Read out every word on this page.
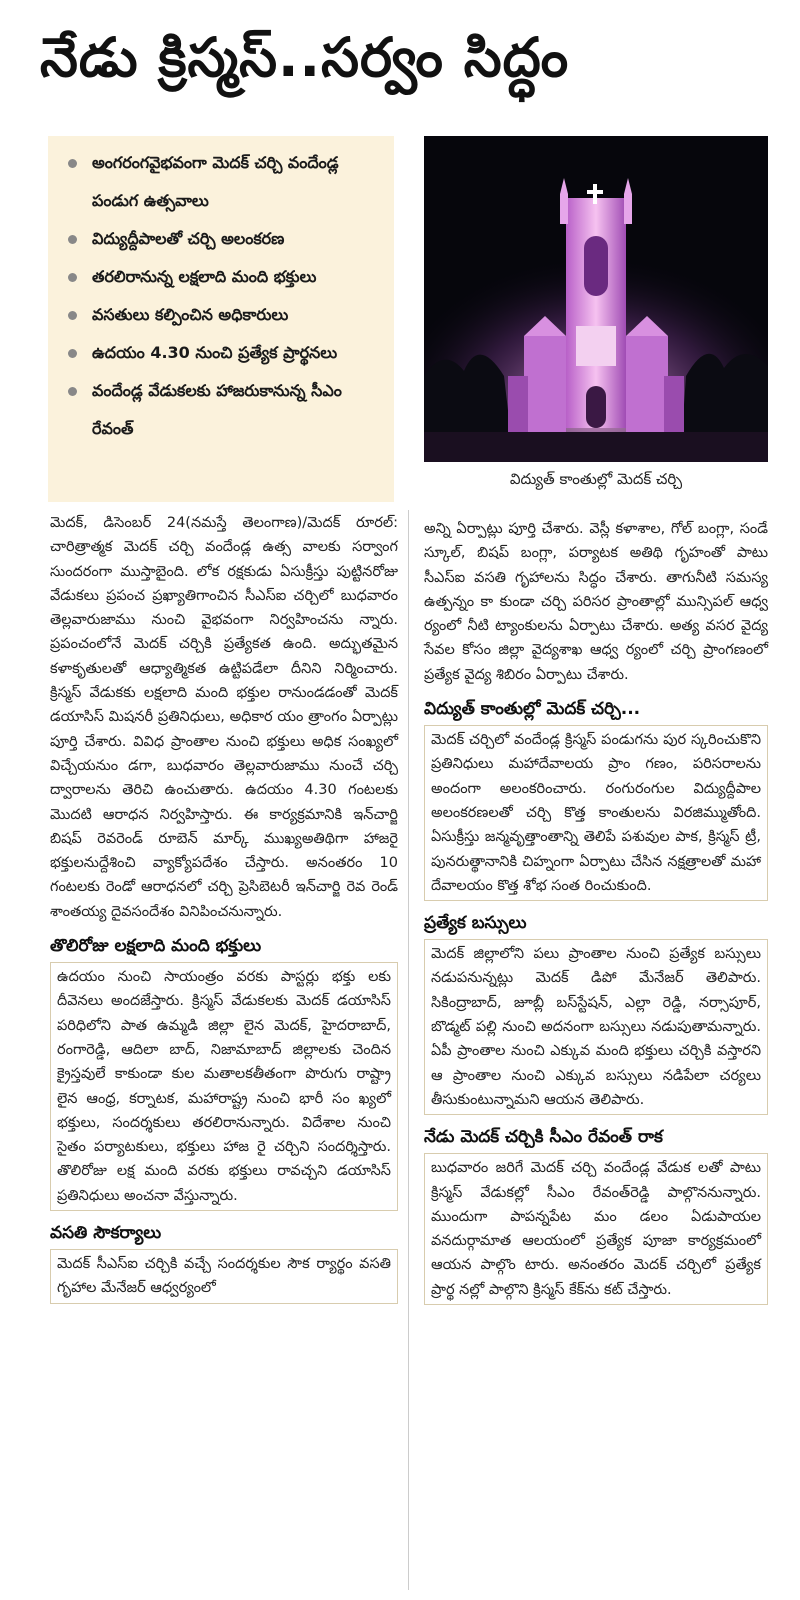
నేడు క్రిస్మస్..సర్వం సిద్ధం
అంగరంగవైభవంగా మెదక్ చర్చి వందేండ్ల పండుగ ఉత్సవాలు
విద్యుద్దీపాలతో చర్చి అలంకరణ
తరలిరానున్న లక్షలాది మంది భక్తులు
వసతులు కల్పించిన అధికారులు
ఉదయం 4.30 నుంచి ప్రత్యేక ప్రార్థనలు
వందేండ్ల వేడుకలకు హాజరుకానున్న సీఎం రేవంత్
విద్యుత్ కాంతుల్లో మెదక్ చర్చి

మెదక్, డిసెంబర్ 24(నమస్తే తెలంగాణ)/మెదక్ రూరల్: చారిత్రాత్మక మెదక్ చర్చి వందేండ్ల ఉత్స వాలకు సర్వాంగ సుందరంగా ముస్తాబైంది. లోక రక్షకుడు ఏసుక్రీస్తు పుట్టినరోజు వేడుకలు ప్రపంచ ప్రఖ్యాతిగాంచిన సీఎస్ఐ చర్చిలో బుధవారం తెల్లవారుజాము నుంచి వైభవంగా నిర్వహించను న్నారు. ప్రపంచంలోనే మెదక్ చర్చికి ప్రత్యేకత ఉంది. అద్భుతమైన కళాకృతులతో ఆధ్యాత్మికత ఉట్టిపడేలా దీనిని నిర్మించారు. క్రిస్మస్ వేడుకకు లక్షలాది మంది భక్తుల రానుండడంతో మెదక్ డయాసిస్ మిషనరీ ప్రతినిధులు, అధికార యం త్రాంగం ఏర్పాట్లు పూర్తి చేశారు. వివిధ ప్రాంతాల నుంచి భక్తులు అధిక సంఖ్యలో విచ్చేయనుం డగా, బుధవారం తెల్లవారుజాము నుంచే చర్చి ద్వారాలను తెరిచి ఉంచుతారు. ఉదయం 4.30 గంటలకు మొదటి ఆరాధన నిర్వహిస్తారు. ఈ కార్యక్రమానికి ఇన్‌చార్జి బిషప్ రెవరెండ్ రూబెన్ మార్క్ ముఖ్యఅతిథిగా హాజరై భక్తులనుద్దేశించి వ్యాక్యోపదేశం చేస్తారు. అనంతరం 10 గంటలకు రెండో ఆరాధనలో చర్చి ప్రెసిబెటరీ ఇన్‌చార్జి రెవ రెండ్ శాంతయ్య దైవసందేశం వినిపించనున్నారు.

తొలిరోజు లక్షలాది మంది భక్తులు

ఉదయం నుంచి సాయంత్రం వరకు పాస్టర్లు భక్తు లకు దీవెనలు అందజేస్తారు. క్రిస్మస్ వేడుకలకు మెదక్ డయాసిస్ పరిధిలోని పాత ఉమ్మడి జిల్లా లైన మెదక్, హైదరాబాద్, రంగారెడ్డి, ఆదిలా బాద్, నిజామాబాద్ జిల్లాలకు చెందిన క్రైస్తవులే కాకుండా కుల మతాలకతీతంగా పొరుగు రాష్ట్రా లైన ఆంధ్ర, కర్నాటక, మహారాష్ట్ర నుంచి భారీ సం ఖ్యలో భక్తులు, సందర్శకులు తరలిరానున్నారు. విదేశాల నుంచి సైతం పర్యాటకులు, భక్తులు హాజ రై చర్చిని సందర్శిస్తారు. తొలిరోజు లక్ష మంది వరకు భక్తులు రావచ్చని డయాసిస్ ప్రతినిధులు అంచనా వేస్తున్నారు.

వసతి సౌకర్యాలు

మెదక్ సీఎస్ఐ చర్చికి వచ్చే సందర్శకుల సౌక ర్యార్థం వసతి గృహాల మేనేజర్ ఆధ్వర్యంలో

అన్ని ఏర్పాట్లు పూర్తి చేశారు. వెస్లీ కళాశాల, గోల్ బంగ్లా, సండే స్కూల్, బిషప్ బంగ్లా, పర్యాటక అతిథి గృహంతో పాటు సీఎస్ఐ వసతి గృహాలను సిద్ధం చేశారు. తాగునీటి సమస్య ఉత్పన్నం కా కుండా చర్చి పరిసర ప్రాంతాల్లో మున్సిపల్ ఆధ్వ ర్యంలో నీటి ట్యాంకులను ఏర్పాటు చేశారు. అత్య వసర వైద్య సేవల కోసం జిల్లా వైద్యశాఖ ఆధ్వ ర్యంలో చర్చి ప్రాంగణంలో ప్రత్యేక వైద్య శిబిరం ఏర్పాటు చేశారు.

విద్యుత్ కాంతుల్లో మెదక్ చర్చి...

మెదక్ చర్చిలో వందేండ్ల క్రిస్మస్ పండుగను పుర స్కరించుకొని ప్రతినిధులు మహాదేవాలయ ప్రాం గణం, పరిసరాలను అందంగా అలంకరించారు. రంగురంగుల విద్యుద్దీపాల అలంకరణలతో చర్చి కొత్త కాంతులను విరజిమ్ముతోంది. ఏసుక్రీస్తు జన్మవృత్తాంతాన్ని తెలిపే పశువుల పాక, క్రిస్మస్ ట్రీ, పునరుత్థానానికి చిహ్నంగా ఏర్పాటు చేసిన నక్షత్రాలతో మహా దేవాలయం కొత్త శోభ సంత రించుకుంది.

ప్రత్యేక బస్సులు

మెదక్ జిల్లాలోని పలు ప్రాంతాల నుంచి ప్రత్యేక బస్సులు నడుపనున్నట్లు మెదక్ డిపో మేనేజర్ తెలిపారు. సికింద్రాబాద్, జూబ్లీ బస్‌స్టేషన్, ఎల్లా రెడ్డి, నర్సాపూర్, బొడ్మట్ పల్లి నుంచి అదనంగా బస్సులు నడుపుతామన్నారు. ఏపీ ప్రాంతాల నుంచి ఎక్కువ మంది భక్తులు చర్చికి వస్తారని ఆ ప్రాంతాల నుంచి ఎక్కువ బస్సులు నడిపేలా చర్యలు తీసుకుంటున్నామని ఆయన తెలిపారు.

నేడు మెదక్ చర్చికి సీఎం రేవంత్ రాక

బుధవారం జరిగే మెదక్ చర్చి వందేండ్ల వేడుక లతో పాటు క్రిస్మస్ వేడుకల్లో సీఎం రేవంత్‌రెడ్డి పాల్గొననున్నారు. ముందుగా పాపన్నపేట మం డలం ఏడుపాయల వనదుర్గామాత ఆలయంలో ప్రత్యేక పూజా కార్యక్రమంలో ఆయన పాల్గొం టారు. అనంతరం మెదక్ చర్చిలో ప్రత్యేక ప్రార్థ నల్లో పాల్గొని క్రిస్మస్ కేక్‌ను కట్ చేస్తారు.
